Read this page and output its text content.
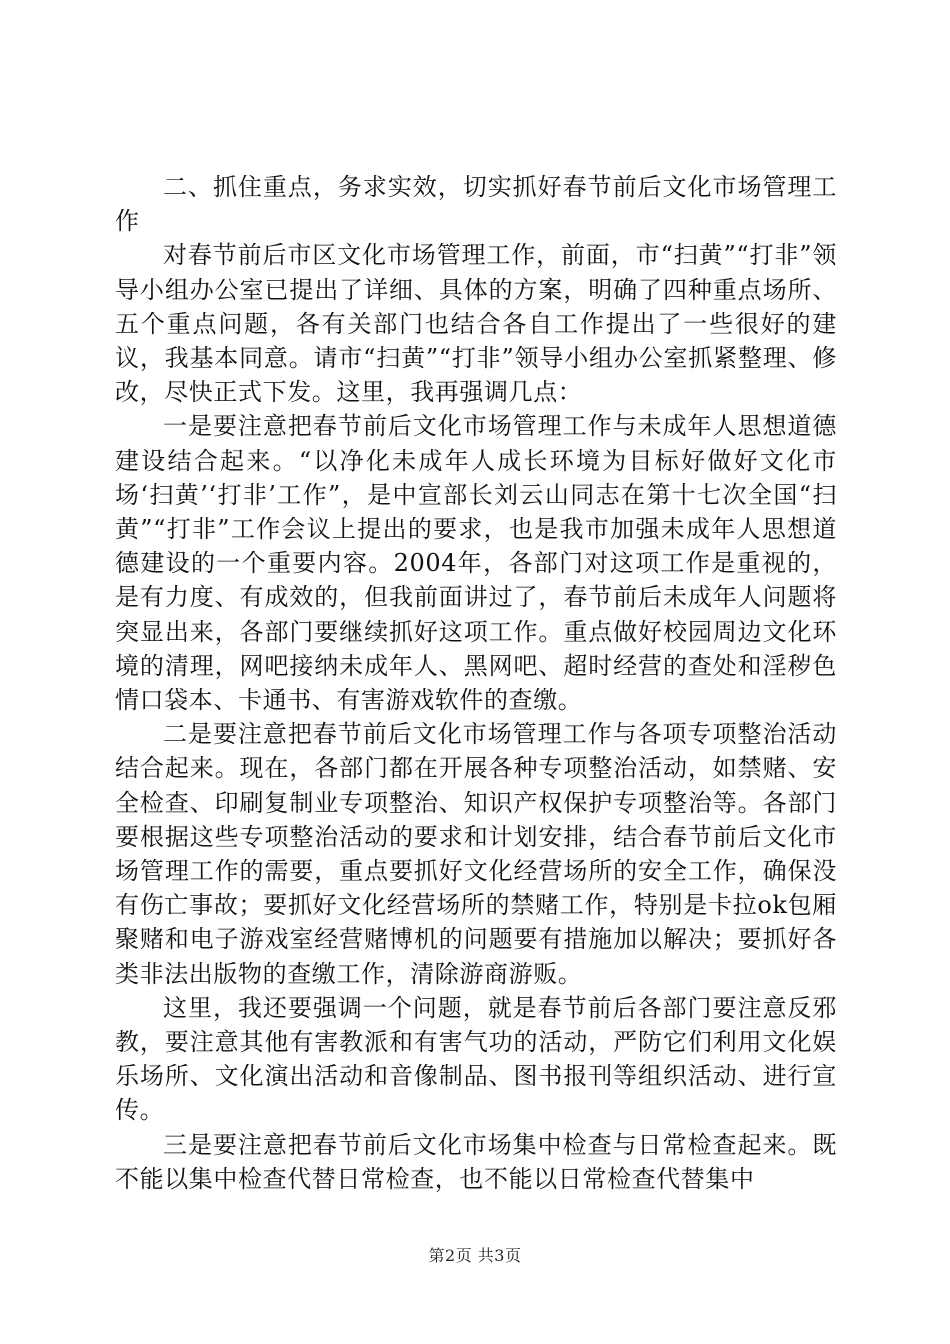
二、抓住重点，务求实效，切实抓好春节前后文化市场管理工作

对春节前后市区文化市场管理工作，前面，市“扫黄”“打非”领导小组办公室已提出了详细、具体的方案，明确了四种重点场所、五个重点问题，各有关部门也结合各自工作提出了一些很好的建议，我基本同意。请市“扫黄”“打非”领导小组办公室抓紧整理、修改，尽快正式下发。这里，我再强调几点：

一是要注意把春节前后文化市场管理工作与未成年人思想道德建设结合起来。“以净化未成年人成长环境为目标好做好文化市场‘扫黄’‘打非’工作”，是中宣部长刘云山同志在第十七次全国“扫黄”“打非”工作会议上提出的要求，也是我市加强未成年人思想道德建设的一个重要内容。2004年，各部门对这项工作是重视的，是有力度、有成效的，但我前面讲过了，春节前后未成年人问题将突显出来，各部门要继续抓好这项工作。重点做好校园周边文化环境的清理，网吧接纳未成年人、黑网吧、超时经营的查处和淫秽色情口袋本、卡通书、有害游戏软件的查缴。

二是要注意把春节前后文化市场管理工作与各项专项整治活动结合起来。现在，各部门都在开展各种专项整治活动，如禁赌、安全检查、印刷复制业专项整治、知识产权保护专项整治等。各部门要根据这些专项整治活动的要求和计划安排，结合春节前后文化市场管理工作的需要，重点要抓好文化经营场所的安全工作，确保没有伤亡事故；要抓好文化经营场所的禁赌工作，特别是卡拉ok包厢聚赌和电子游戏室经营赌博机的问题要有措施加以解决；要抓好各类非法出版物的查缴工作，清除游商游贩。

这里，我还要强调一个问题，就是春节前后各部门要注意反邪教，要注意其他有害教派和有害气功的活动，严防它们利用文化娱乐场所、文化演出活动和音像制品、图书报刊等组织活动、进行宣传。

三是要注意把春节前后文化市场集中检查与日常检查起来。既不能以集中检查代替日常检查，也不能以日常检查代替集中

第2页 共3页
